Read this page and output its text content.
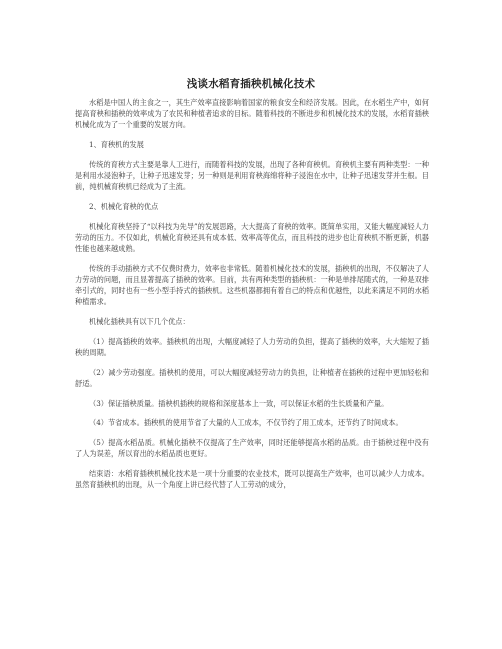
浅谈水稻育插秧机械化技术

水稻是中国人的主食之一，其生产效率直接影响着国家的粮食安全和经济发展。因此，在水稻生产中，如何提高育秧和插秧的效率成为了农民和种植者追求的目标。随着科技的不断进步和机械化技术的发展，水稻育插秧机械化成为了一个重要的发展方向。

1、育秧机的发展

传统的育秧方式主要是靠人工进行，而随着科技的发展，出现了各种育秧机。育秧机主要有两种类型：一种是利用水浸泡种子，让种子迅速发芽；另一种则是利用育秧海绵将种子浸泡在水中，让种子迅速发芽并生根。目前，纯机械育秧机已经成为了主流。

2、机械化育秧的优点

机械化育秧坚持了“以科技为先导”的发展思路，大大提高了育秧的效率。既简单实用，又能大幅度减轻人力劳动的压力。不仅如此，机械化育秧还具有成本低、效率高等优点，而且科技的进步也让育秧机不断更新，机器性能也越来越成熟。

传统的手动插秧方式不仅费时费力，效率也非常低。随着机械化技术的发展，插秧机的出现，不仅解决了人力劳动的问题，而且显著提高了插秧的效率。目前，共有两种类型的插秧机：一种是单排尾随式的，一种是双排牵引式的，同时也有一些小型手持式的插秧机。这些机器都拥有着自己的特点和优越性，以此来满足不同的水稻种植需求。

机械化插秧具有以下几个优点：

（1）提高插秧的效率。插秧机的出现，大幅度减轻了人力劳动的负担，提高了插秧的效率，大大缩短了插秧的周期。

（2）减少劳动强度。插秧机的使用，可以大幅度减轻劳动力的负担，让种植者在插秧的过程中更加轻松和舒适。

（3）保证插秧质量。插秧机插秧的规格和深度基本上一致，可以保证水稻的生长质量和产量。

（4）节省成本。插秧机的使用节省了大量的人工成本，不仅节约了用工成本，还节约了时间成本。

（5）提高水稻品质。机械化插秧不仅提高了生产效率，同时还能够提高水稻的品质。由于插秧过程中没有了人为误差，所以育出的水稻品质也更好。

结束语：水稻育插秧机械化技术是一项十分重要的农业技术，既可以提高生产效率，也可以减少人力成本。虽然育插秧机的出现，从一个角度上讲已经代替了人工劳动的成分，
